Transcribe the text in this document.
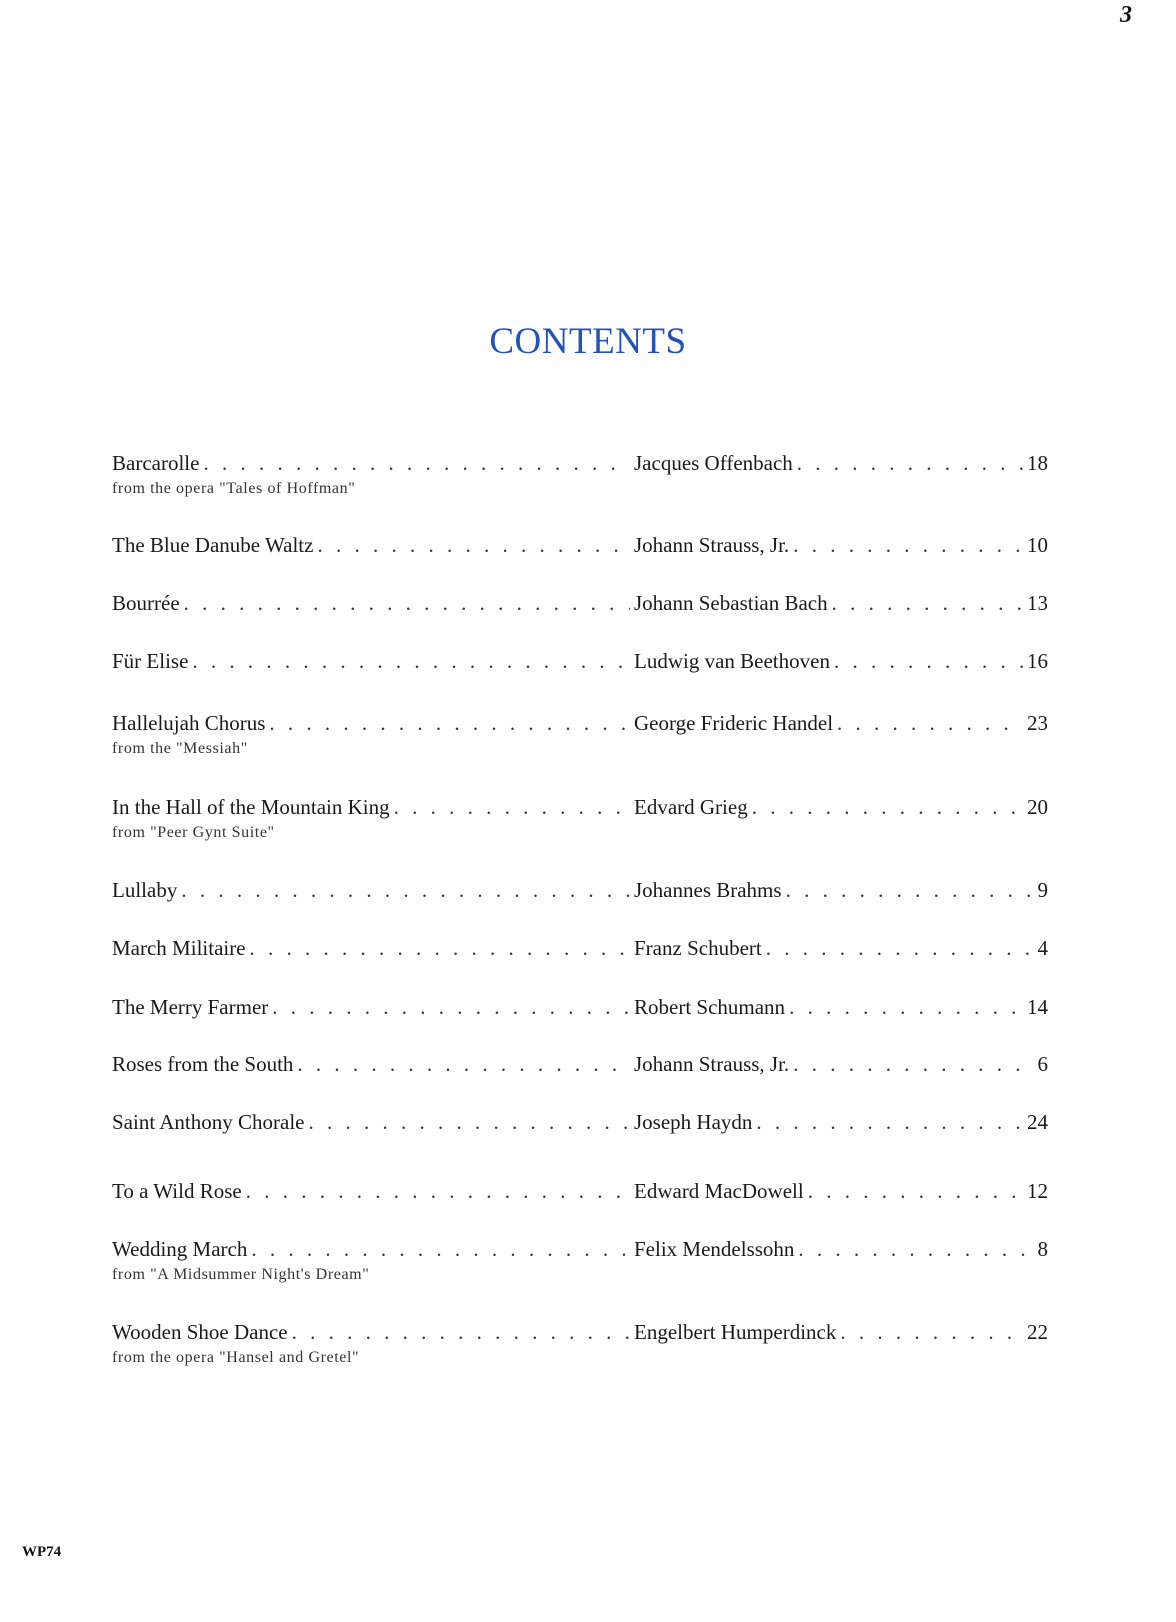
3
CONTENTS
Barcarolle . . .	Jacques Offenbach . . .	18
from the opera "Tales of Hoffman"
The Blue Danube Waltz . . .	Johann Strauss, Jr. . . .	10
Bourrée . . .	Johann Sebastian Bach . . .	13
Für Elise . . .	Ludwig van Beethoven . . .	16
Hallelujah Chorus . . .	George Frideric Handel . . .	23
from the "Messiah"
In the Hall of the Mountain King . . .	Edvard Grieg . . .	20
from "Peer Gynt Suite"
Lullaby . . .	Johannes Brahms . . .	9
March Militaire . . .	Franz Schubert . . .	4
The Merry Farmer . . .	Robert Schumann . . .	14
Roses from the South . . .	Johann Strauss, Jr. . . .	6
Saint Anthony Chorale . . .	Joseph Haydn . . .	24
To a Wild Rose . . .	Edward MacDowell . . .	12
Wedding March . . .	Felix Mendelssohn . . .	8
from "A Midsummer Night's Dream"
Wooden Shoe Dance . . .	Engelbert Humperdinck . . .	22
from the opera "Hansel and Gretel"
WP74
